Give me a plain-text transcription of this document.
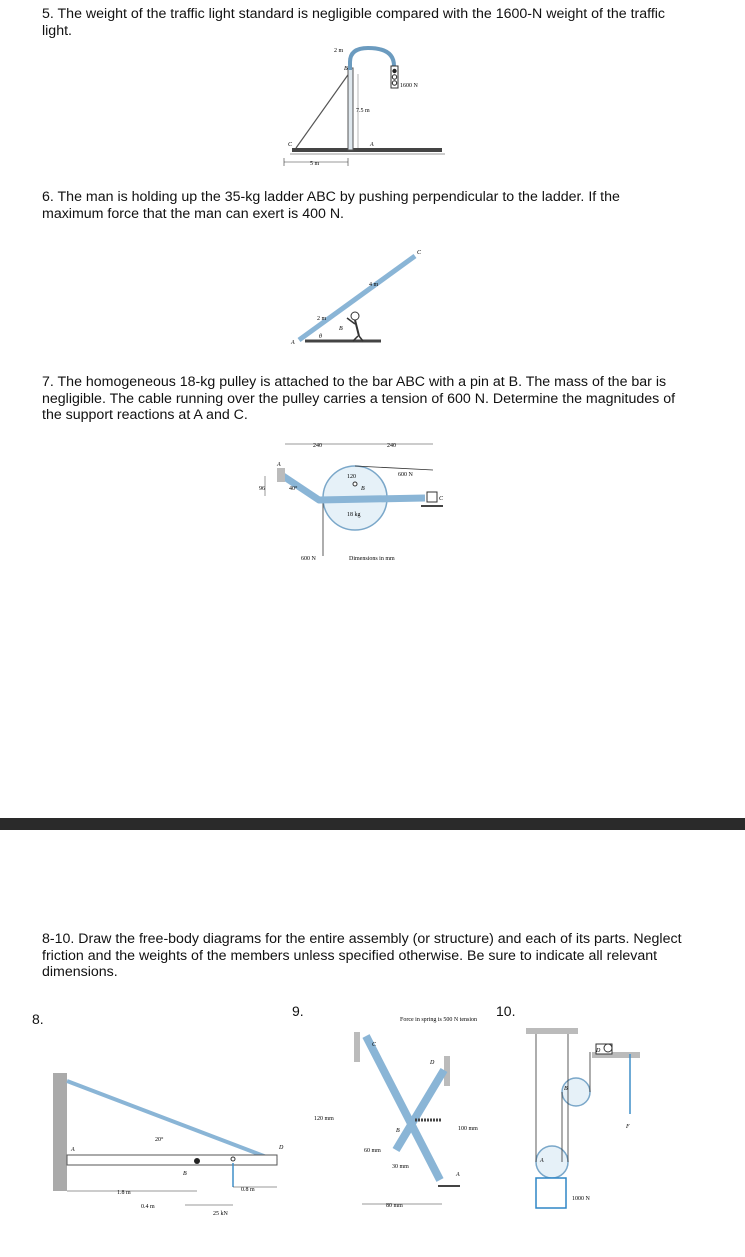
5. The weight of the traffic light standard is negligible compared with the 1600-N weight of the traffic light.
2 m
B
1600 N
7.5 m
C	A
5 m
6. The man is holding up the 35-kg ladder ABC by pushing perpendicular to the ladder. If the maximum force that the man can exert is 400 N.
C
4 m
2 m
B
A
θ
7. The homogeneous 18-kg pulley is attached to the bar ABC with a pin at B. The mass of the bar is negligible. The cable running over the pulley carries a tension of 600 N. Determine the magnitudes of the support reactions at A and C.
240	240
A
96	40°
120
B
600 N
C
18 kg
600 N	Dimensions in mm
8-10. Draw the free-body diagrams for the entire assembly (or structure) and each of its parts. Neglect friction and the weights of the members unless specified otherwise. Be sure to indicate all relevant dimensions.
8.	9.	10.
A
20°
B
D
1.8 m
0.4 m
0.8 m
25 kN
Force in spring is 500 N tension
C
D
B
A
120 mm
100 mm
60 mm
30 mm
80 mm
D
B
A
F
1000 N
